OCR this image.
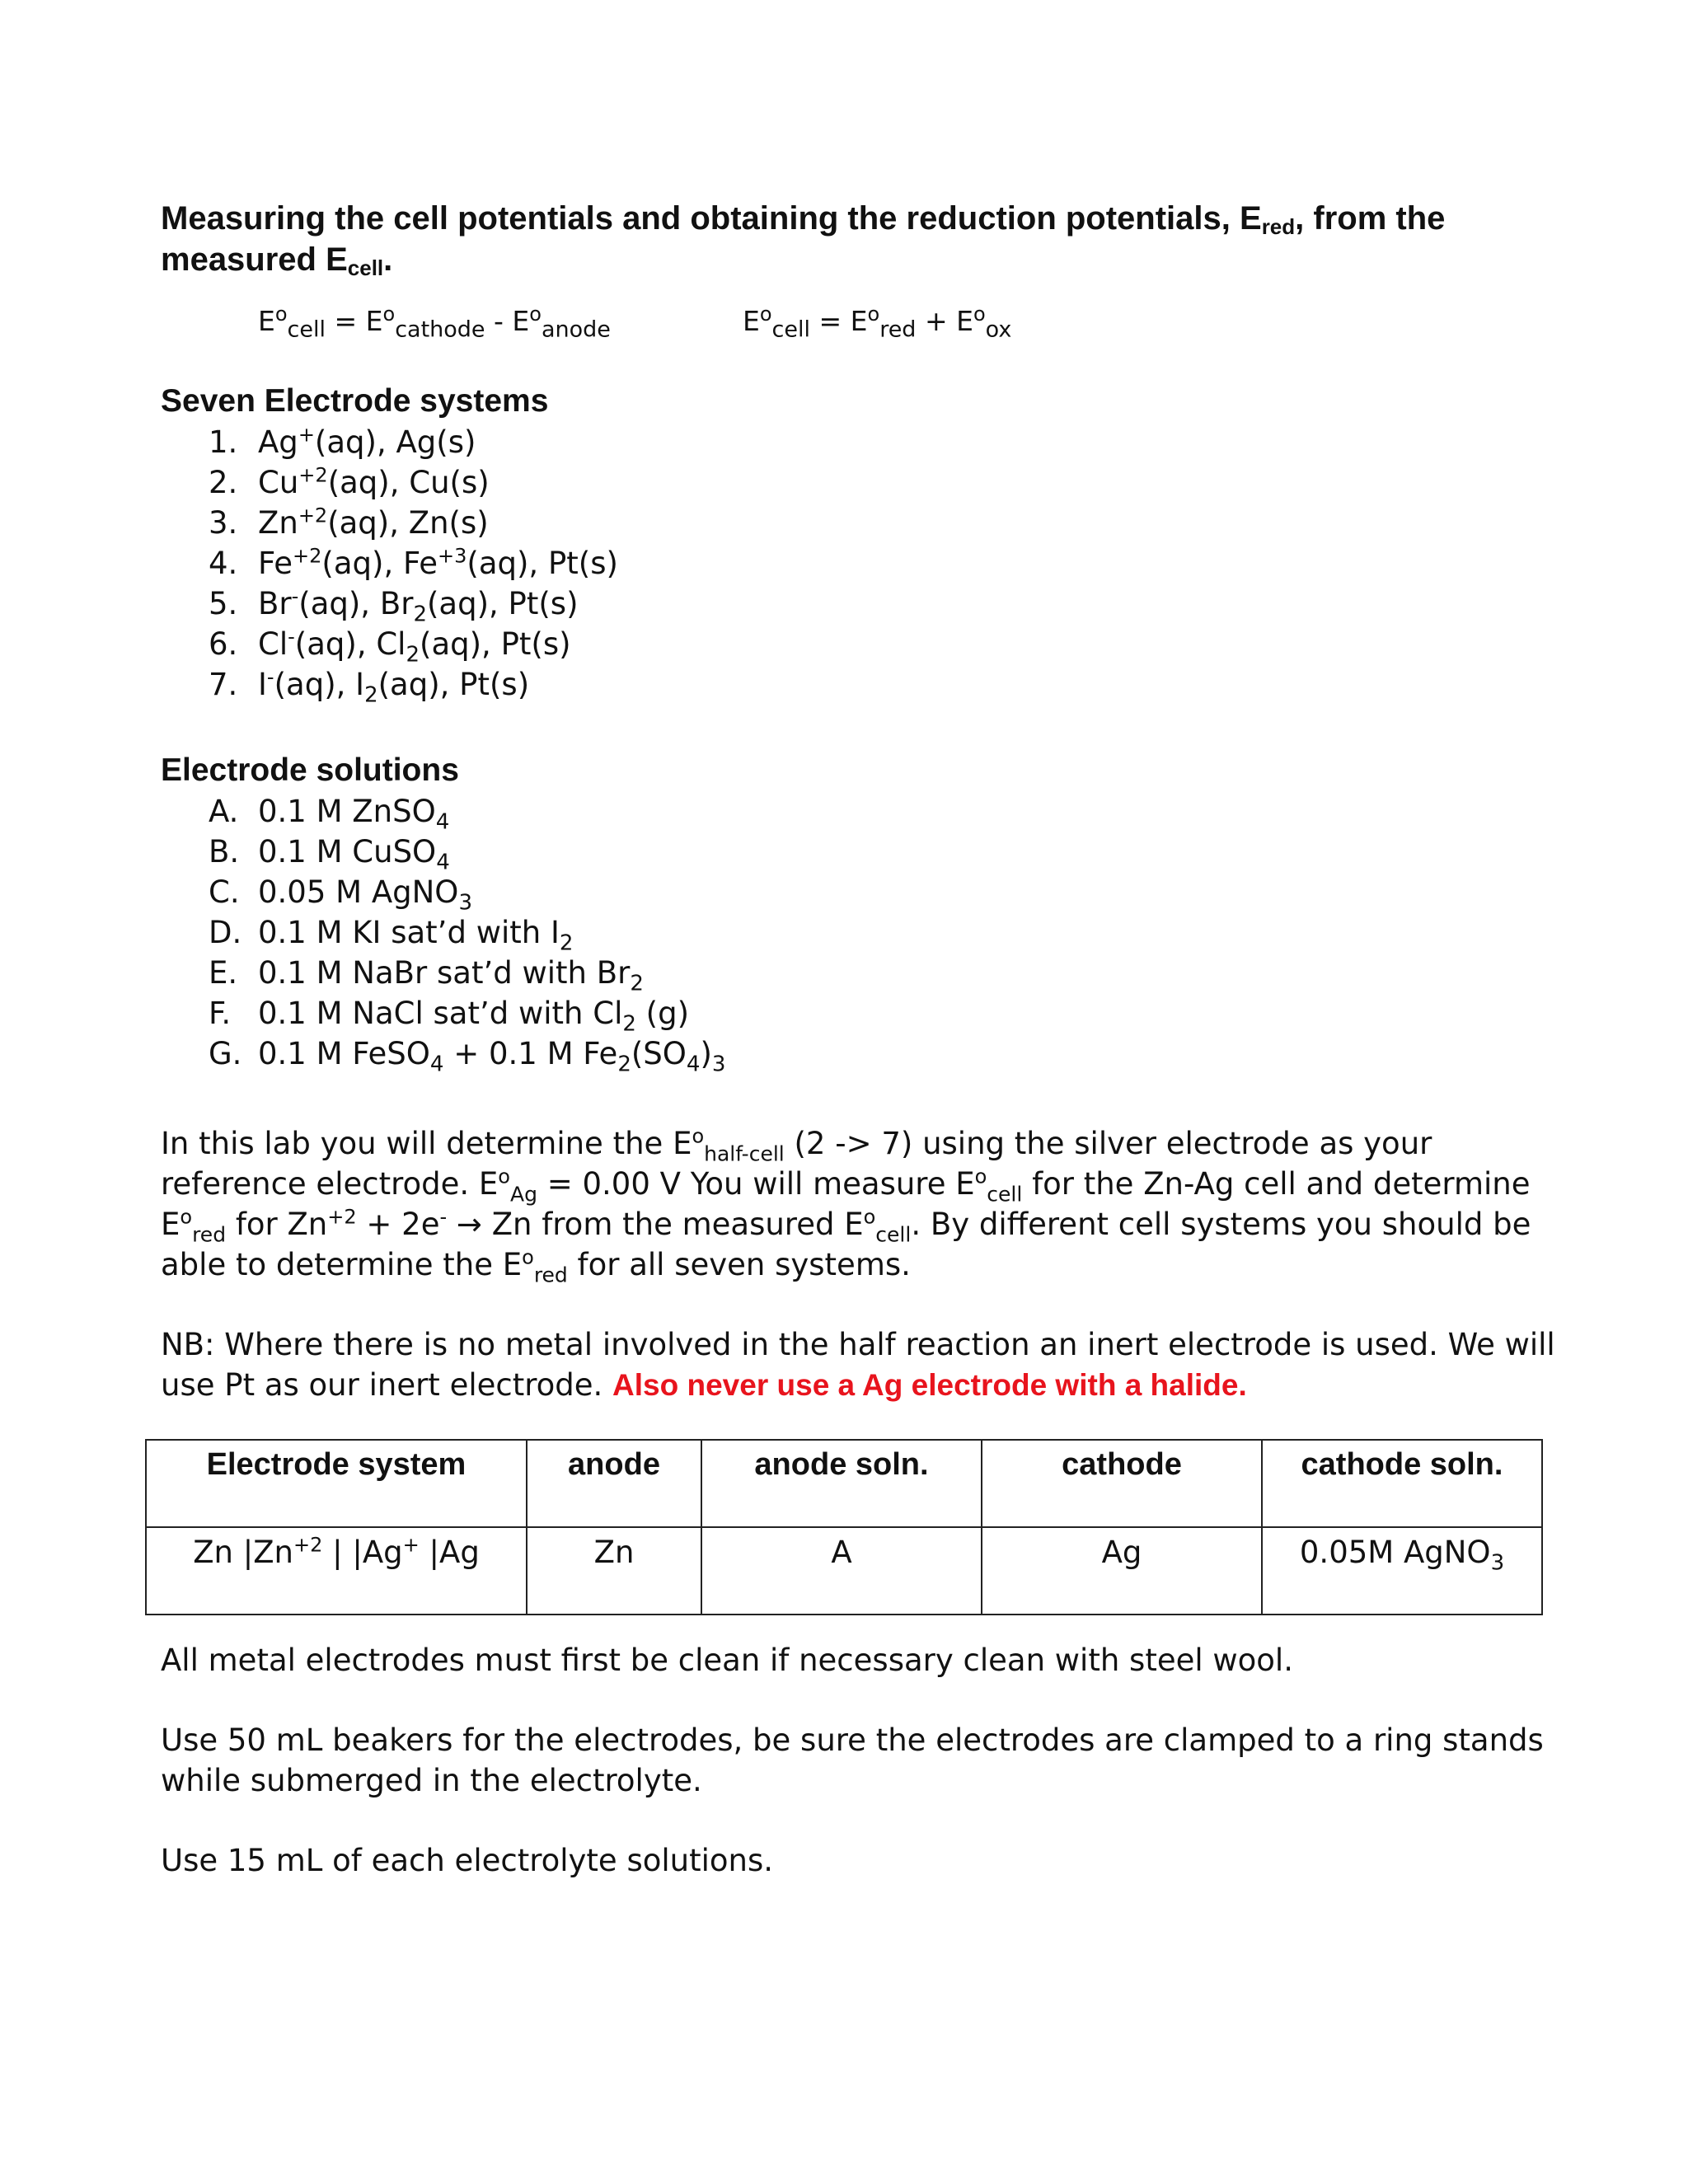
Measuring the cell potentials and obtaining the reduction potentials, $E_{red}$, from the
measured $E_{cell}$.
$E^o_{cell} = E^o_{cathode} - E^o_{anode}$	$E^o_{cell} = E^o_{red} + E^o_{ox}$
Seven Electrode systems
1. Ag+(aq), Ag(s)
2. $Cu^{+2}(aq)$, Cu(s)
3. $Zn^{+2}(aq)$, Zn(s)
4. $Fe^{+2}(aq)$, $Fe^{+3}(aq)$, Pt(s)
5. Br-(aq), $Br_2(aq)$, Pt(s)
6. Cl-(aq), $Cl_2(aq)$, Pt(s)
7. I-(aq), $I_2(aq)$, Pt(s)
Electrode solutions
A. 0.1 M ZnSO$_4$
B. 0.1 M CuSO$_4$
C. 0.05 M AgNO$_3$
D. 0.1 M KI sat’d with $I_2$
E. 0.1 M NaBr sat’d with $Br_2$
F. 0.1 M NaCl sat’d with $Cl_2$ (g)
G. 0.1 M FeSO$_4$ + 0.1 M $Fe_2(SO_4)_3$

In this lab you will determine the $E^o_{half-cell}$ (2 -> 7) using the silver electrode as your reference electrode. $E^o_{Ag} = 0.00$ V You will measure $E^o_{cell}$ for the Zn-Ag cell and determine $E^o_{red}$ for $Zn^{+2} + 2e^- \to Zn$ from the measured $E^o_{cell}$. By different cell systems you should be able to determine the $E^o_{red}$ for all seven systems.

NB: Where there is no metal involved in the half reaction an inert electrode is used. We will use Pt as our inert electrode. Also never use a Ag electrode with a halide.

Electrode system	anode	anode soln.	cathode	cathode soln.
Zn $|Zn^{+2}$ | |Ag+ |Ag	Zn	A	Ag	0.05M AgNO$_3$

All metal electrodes must first be clean if necessary clean with steel wool.

Use 50 mL beakers for the electrodes, be sure the electrodes are clamped to a ring stands while submerged in the electrolyte.

Use 15 mL of each electrolyte solutions.
